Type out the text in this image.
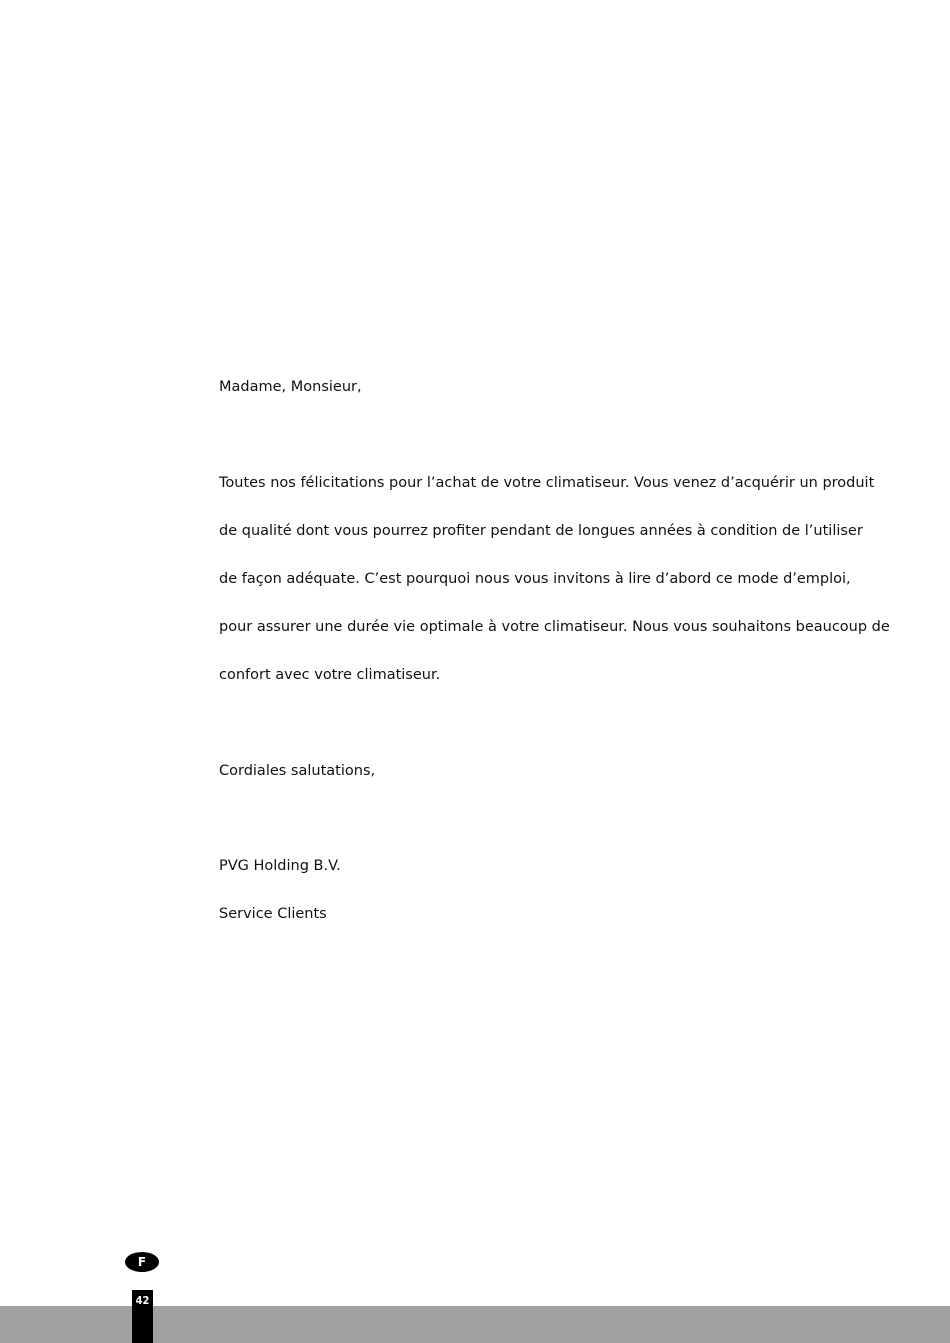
Madame, Monsieur,

Toutes nos félicitations pour l’achat de votre climatiseur. Vous venez d’acquérir un produit

de qualité dont vous pourrez profiter pendant de longues années à condition de l’utiliser

de façon adéquate. C’est pourquoi nous vous invitons à lire d’abord ce mode d’emploi,

pour assurer une durée vie optimale à votre climatiseur. Nous vous souhaitons beaucoup de

confort avec votre climatiseur.

Cordiales salutations,

PVG Holding B.V.

Service Clients

F
42
